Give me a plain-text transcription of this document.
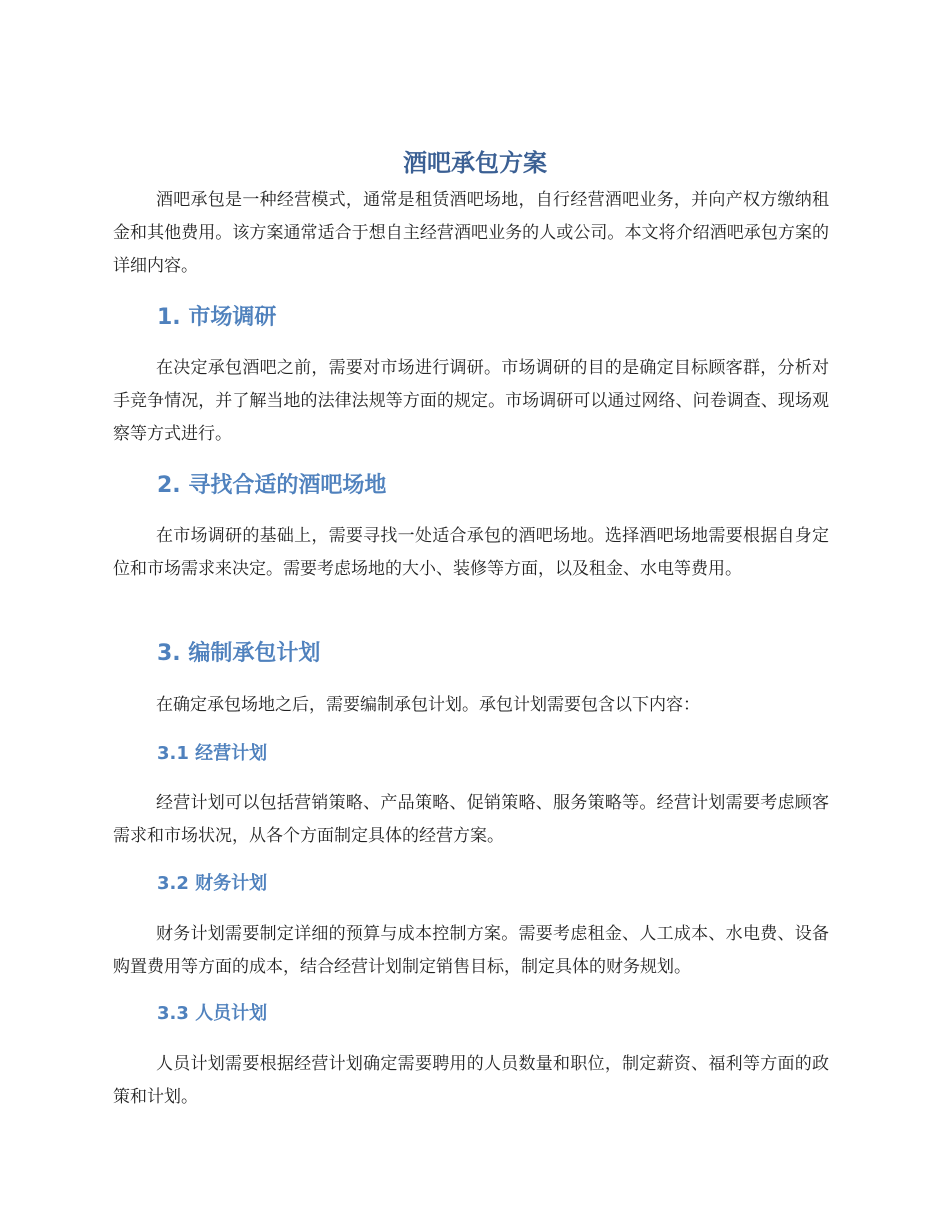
酒吧承包方案

酒吧承包是一种经营模式，通常是租赁酒吧场地，自行经营酒吧业务，并向产权方缴纳租金和其他费用。该方案通常适合于想自主经营酒吧业务的人或公司。本文将介绍酒吧承包方案的详细内容。

1. 市场调研

在决定承包酒吧之前，需要对市场进行调研。市场调研的目的是确定目标顾客群，分析对手竞争情况，并了解当地的法律法规等方面的规定。市场调研可以通过网络、问卷调查、现场观察等方式进行。

2. 寻找合适的酒吧场地

在市场调研的基础上，需要寻找一处适合承包的酒吧场地。选择酒吧场地需要根据自身定位和市场需求来决定。需要考虑场地的大小、装修等方面，以及租金、水电等费用。

3. 编制承包计划

在确定承包场地之后，需要编制承包计划。承包计划需要包含以下内容：

3.1 经营计划

经营计划可以包括营销策略、产品策略、促销策略、服务策略等。经营计划需要考虑顾客需求和市场状况，从各个方面制定具体的经营方案。

3.2 财务计划

财务计划需要制定详细的预算与成本控制方案。需要考虑租金、人工成本、水电费、设备购置费用等方面的成本，结合经营计划制定销售目标，制定具体的财务规划。

3.3 人员计划

人员计划需要根据经营计划确定需要聘用的人员数量和职位，制定薪资、福利等方面的政策和计划。
